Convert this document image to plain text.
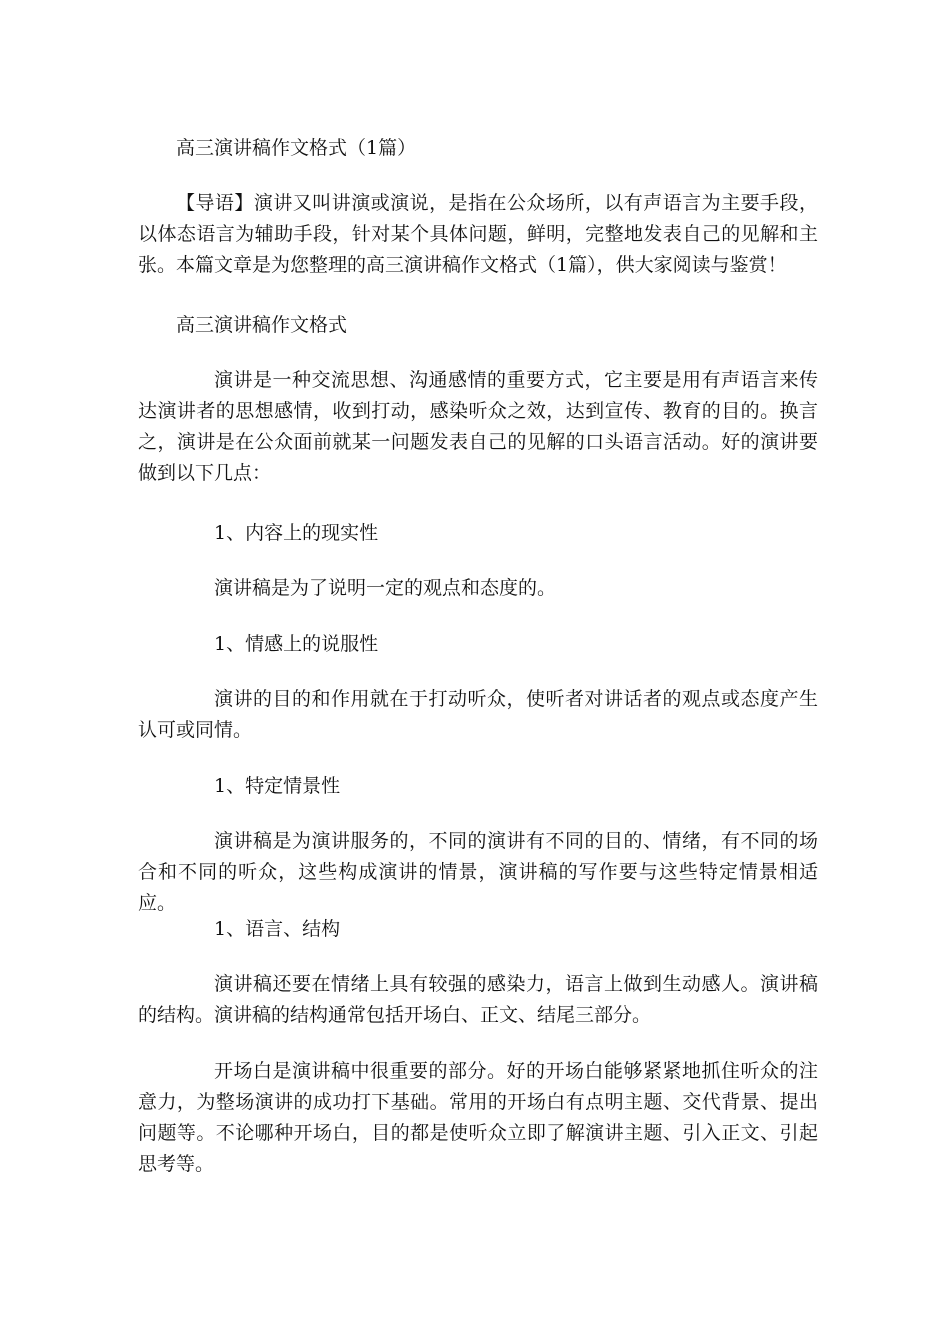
高三演讲稿作文格式（1篇）

【导语】演讲又叫讲演或演说，是指在公众场所，以有声语言为主要手段，以体态语言为辅助手段，针对某个具体问题，鲜明，完整地发表自己的见解和主张。本篇文章是为您整理的高三演讲稿作文格式（1篇），供大家阅读与鉴赏！

高三演讲稿作文格式

演讲是一种交流思想、沟通感情的重要方式，它主要是用有声语言来传达演讲者的思想感情，收到打动，感染听众之效，达到宣传、教育的目的。换言之，演讲是在公众面前就某一问题发表自己的见解的口头语言活动。好的演讲要做到以下几点：

1、内容上的现实性

演讲稿是为了说明一定的观点和态度的。

1、情感上的说服性

演讲的目的和作用就在于打动听众，使听者对讲话者的观点或态度产生认可或同情。

1、特定情景性

演讲稿是为演讲服务的，不同的演讲有不同的目的、情绪，有不同的场合和不同的听众，这些构成演讲的情景，演讲稿的写作要与这些特定情景相适应。

1、语言、结构

演讲稿还要在情绪上具有较强的感染力，语言上做到生动感人。演讲稿的结构。演讲稿的结构通常包括开场白、正文、结尾三部分。

开场白是演讲稿中很重要的部分。好的开场白能够紧紧地抓住听众的注意力，为整场演讲的成功打下基础。常用的开场白有点明主题、交代背景、提出问题等。不论哪种开场白，目的都是使听众立即了解演讲主题、引入正文、引起思考等。
